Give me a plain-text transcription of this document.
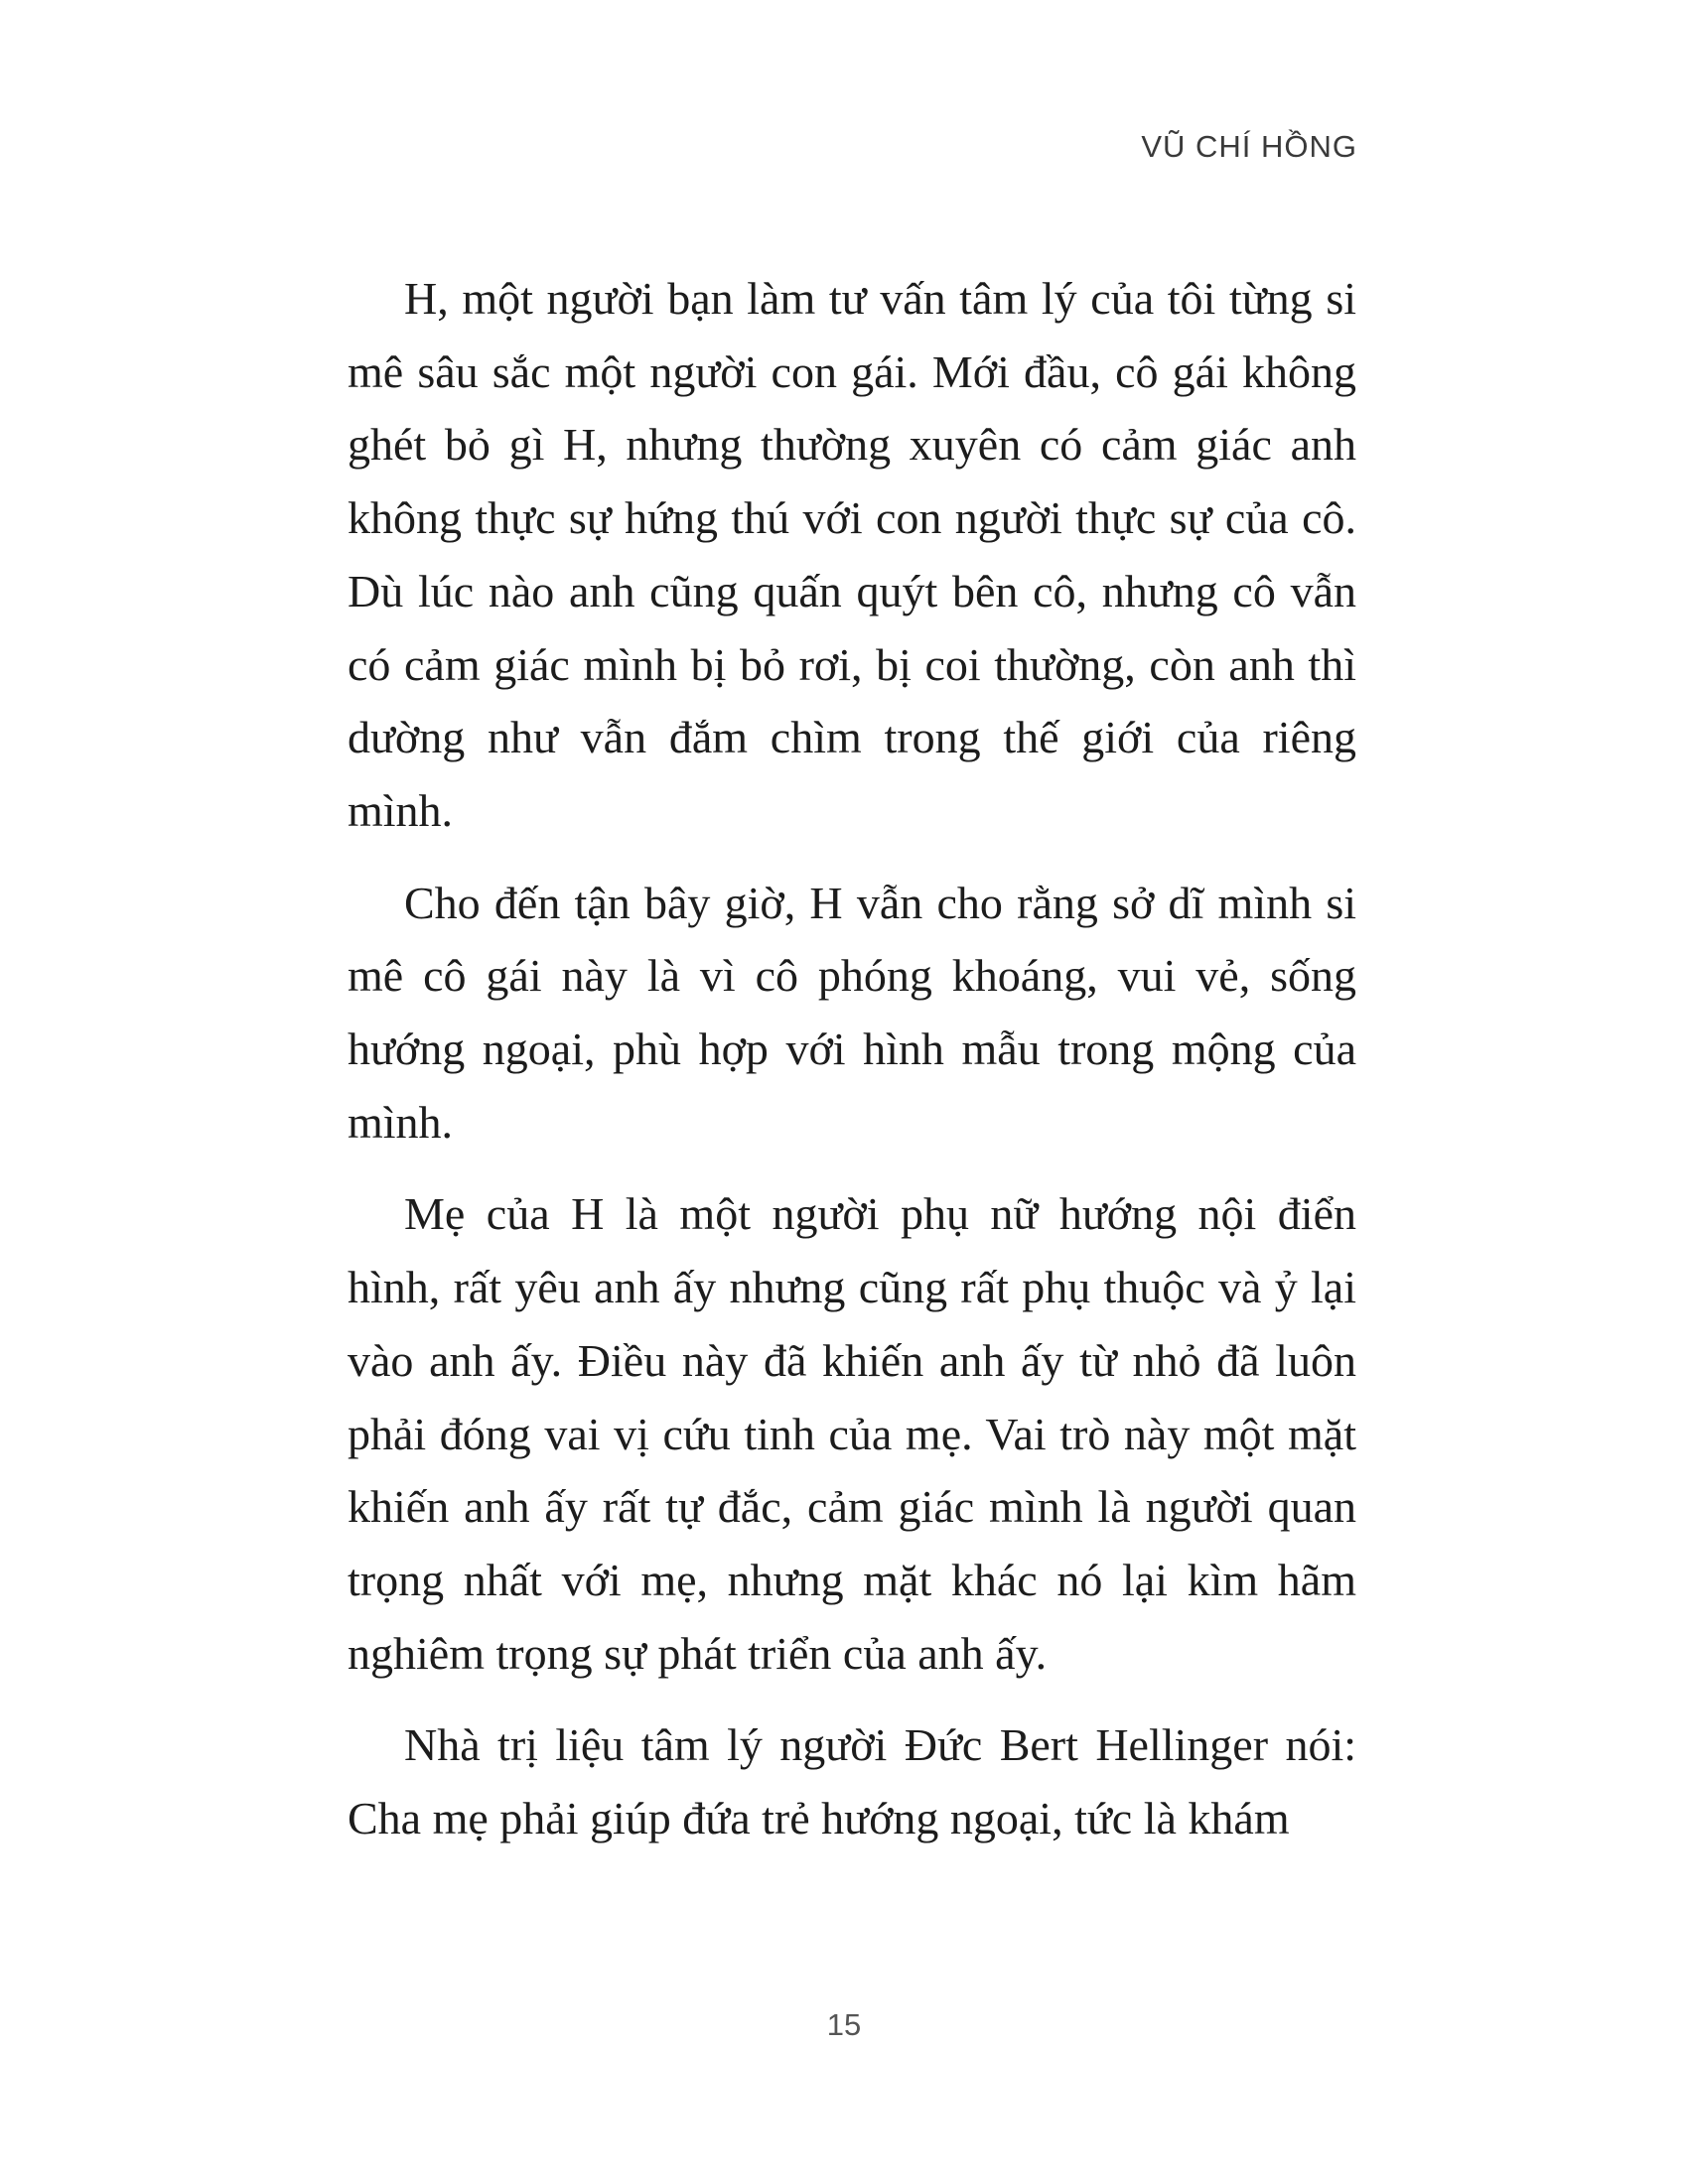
VŨ CHÍ HỒNG

H, một người bạn làm tư vấn tâm lý của tôi từng si mê sâu sắc một người con gái. Mới đầu, cô gái không ghét bỏ gì H, nhưng thường xuyên có cảm giác anh không thực sự hứng thú với con người thực sự của cô. Dù lúc nào anh cũng quấn quýt bên cô, nhưng cô vẫn có cảm giác mình bị bỏ rơi, bị coi thường, còn anh thì dường như vẫn đắm chìm trong thế giới của riêng mình.

Cho đến tận bây giờ, H vẫn cho rằng sở dĩ mình si mê cô gái này là vì cô phóng khoáng, vui vẻ, sống hướng ngoại, phù hợp với hình mẫu trong mộng của mình.

Mẹ của H là một người phụ nữ hướng nội điển hình, rất yêu anh ấy nhưng cũng rất phụ thuộc và ỷ lại vào anh ấy. Điều này đã khiến anh ấy từ nhỏ đã luôn phải đóng vai vị cứu tinh của mẹ. Vai trò này một mặt khiến anh ấy rất tự đắc, cảm giác mình là người quan trọng nhất với mẹ, nhưng mặt khác nó lại kìm hãm nghiêm trọng sự phát triển của anh ấy.

Nhà trị liệu tâm lý người Đức Bert Hellinger nói: Cha mẹ phải giúp đứa trẻ hướng ngoại, tức là khám

15
